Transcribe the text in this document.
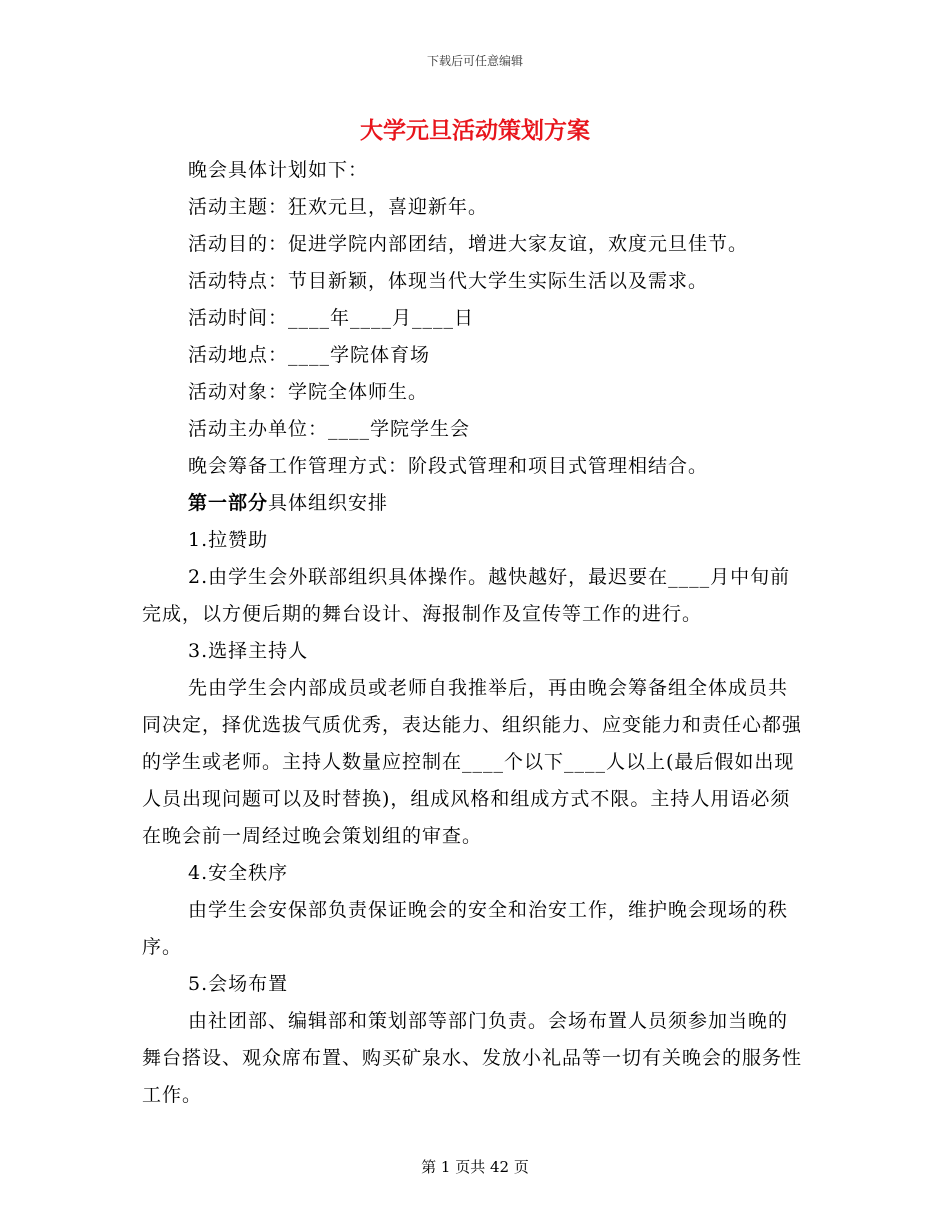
下载后可任意编辑
大学元旦活动策划方案

晚会具体计划如下：

活动主题：狂欢元旦，喜迎新年。

活动目的：促进学院内部团结，增进大家友谊，欢度元旦佳节。

活动特点：节目新颖，体现当代大学生实际生活以及需求。

活动时间：____年____月____日

活动地点：____学院体育场

活动对象：学院全体师生。

活动主办单位：____学院学生会

晚会筹备工作管理方式：阶段式管理和项目式管理相结合。

第一部分具体组织安排

1.拉赞助

2.由学生会外联部组织具体操作。越快越好，最迟要在____月中旬前完成，以方便后期的舞台设计、海报制作及宣传等工作的进行。

3.选择主持人

先由学生会内部成员或老师自我推举后，再由晚会筹备组全体成员共同决定，择优选拔气质优秀，表达能力、组织能力、应变能力和责任心都强的学生或老师。主持人数量应控制在____个以下____人以上(最后假如出现人员出现问题可以及时替换)，组成风格和组成方式不限。主持人用语必须在晚会前一周经过晚会策划组的审查。

4.安全秩序

由学生会安保部负责保证晚会的安全和治安工作，维护晚会现场的秩序。

5.会场布置

由社团部、编辑部和策划部等部门负责。会场布置人员须参加当晚的舞台搭设、观众席布置、购买矿泉水、发放小礼品等一切有关晚会的服务性工作。

第 1 页共 42 页
